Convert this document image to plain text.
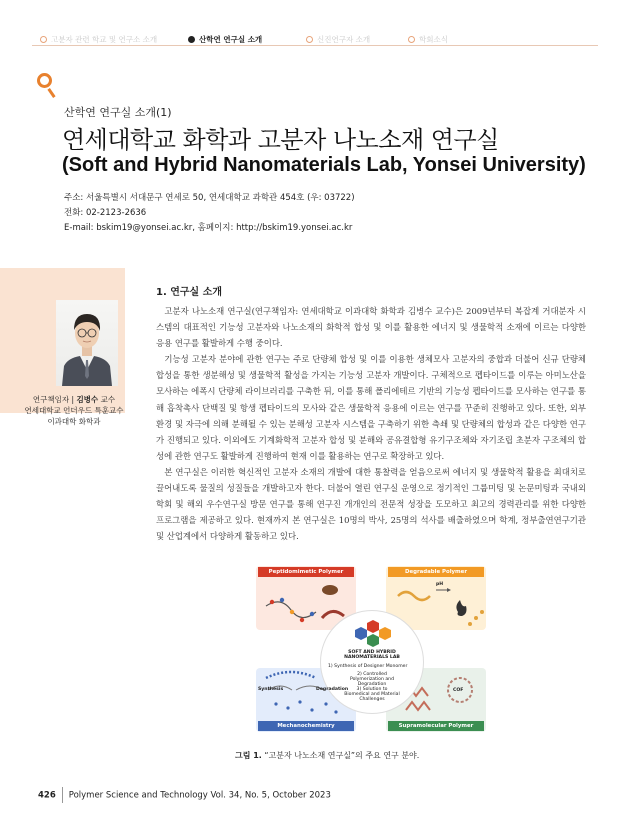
고분자 관련 학교 및 연구소 소개	산학연 연구실 소개	신진연구자 소개	학회소식
산학연 연구실 소개(1)
연세대학교 화학과 고분자 나노소재 연구실
(Soft and Hybrid Nanomaterials Lab, Yonsei University)
주소: 서울특별시 서대문구 연세로 50, 연세대학교 과학관 454호 (우: 03722)
전화: 02-2123-2636
E-mail: bskim19@yonsei.ac.kr, 홈페이지: http://bskim19.yonsei.ac.kr
연구책임자 | 김병수 교수
연세대학교 언더우드 특훈교수
이과대학 화학과
1. 연구실 소개

고분자 나노소재 연구실(연구책임자: 연세대학교 이과대학 화학과 김병수 교수)은 2009년부터 복잡계 거대분자 시스템의 대표적인 기능성 고분자와 나노소재의 화학적 합성 및 이를 활용한 에너지 및 생물학적 소재에 이르는 다양한 응용 연구를 활발하게 수행 중이다.

기능성 고분자 분야에 관한 연구는 주로 단량체 합성 및 이를 이용한 생체모사 고분자의 중합과 더불어 신규 단량체 합성을 통한 생분해성 및 생물학적 활성을 가지는 기능성 고분자 개발이다. 구체적으로 펩타이드를 이루는 아미노산을 모사하는 에폭시 단량체 라이브러리를 구축한 뒤, 이를 통해 폴리에테르 기반의 기능성 펩타이드를 모사하는 연구를 통해 흡착촉사 단백질 및 항생 펩타이드의 모사와 같은 생물학적 응용에 이르는 연구를 꾸준히 진행하고 있다. 또한, 외부 환경 및 자극에 의해 분해될 수 있는 분해성 고분자 시스템을 구축하기 위한 측쇄 및 단량체의 합성과 같은 다양한 연구가 진행되고 있다. 이외에도 기계화학적 고분자 합성 및 분해와 공유결합형 유기구조체와 자기조립 초분자 구조체의 합성에 관한 연구도 활발하게 진행하여 현재 이를 활용하는 연구로 확장하고 있다.

본 연구실은 이러한 혁신적인 고분자 소재의 개발에 대한 통찰력을 얻음으로써 에너지 및 생물학적 활용을 최대치로 끌어내도록 물질의 성질들을 개발하고자 한다. 더불어 열린 연구실 운영으로 정기적인 그룹미팅 및 논문미팅과 국내외 학회 및 해외 우수연구실 방문 연구를 통해 연구진 개개인의 전문적 성장을 도모하고 최고의 경력관리를 위한 다양한 프로그램을 제공하고 있다. 현재까지 본 연구실은 10명의 박사, 25명의 석사를 배출하였으며 학계, 정부출연연구기관 및 산업계에서 다양하게 활동하고 있다.

Peptidomimetic Polymer	Degradable Polymer
Mechanochemistry	Supramolecular Polymer
SOFT AND HYBRID NANOMATERIALS LAB
1) Synthesis of Designer Monomer
2) Controlled Polymerization and Degradation
3) Solution to Biomedical and Material Challenges
Synthesis	Degradation
pH
COF
그림 1. “고분자 나노소재 연구실”의 주요 연구 분야.
426 Polymer Science and Technology Vol. 34, No. 5, October 2023
